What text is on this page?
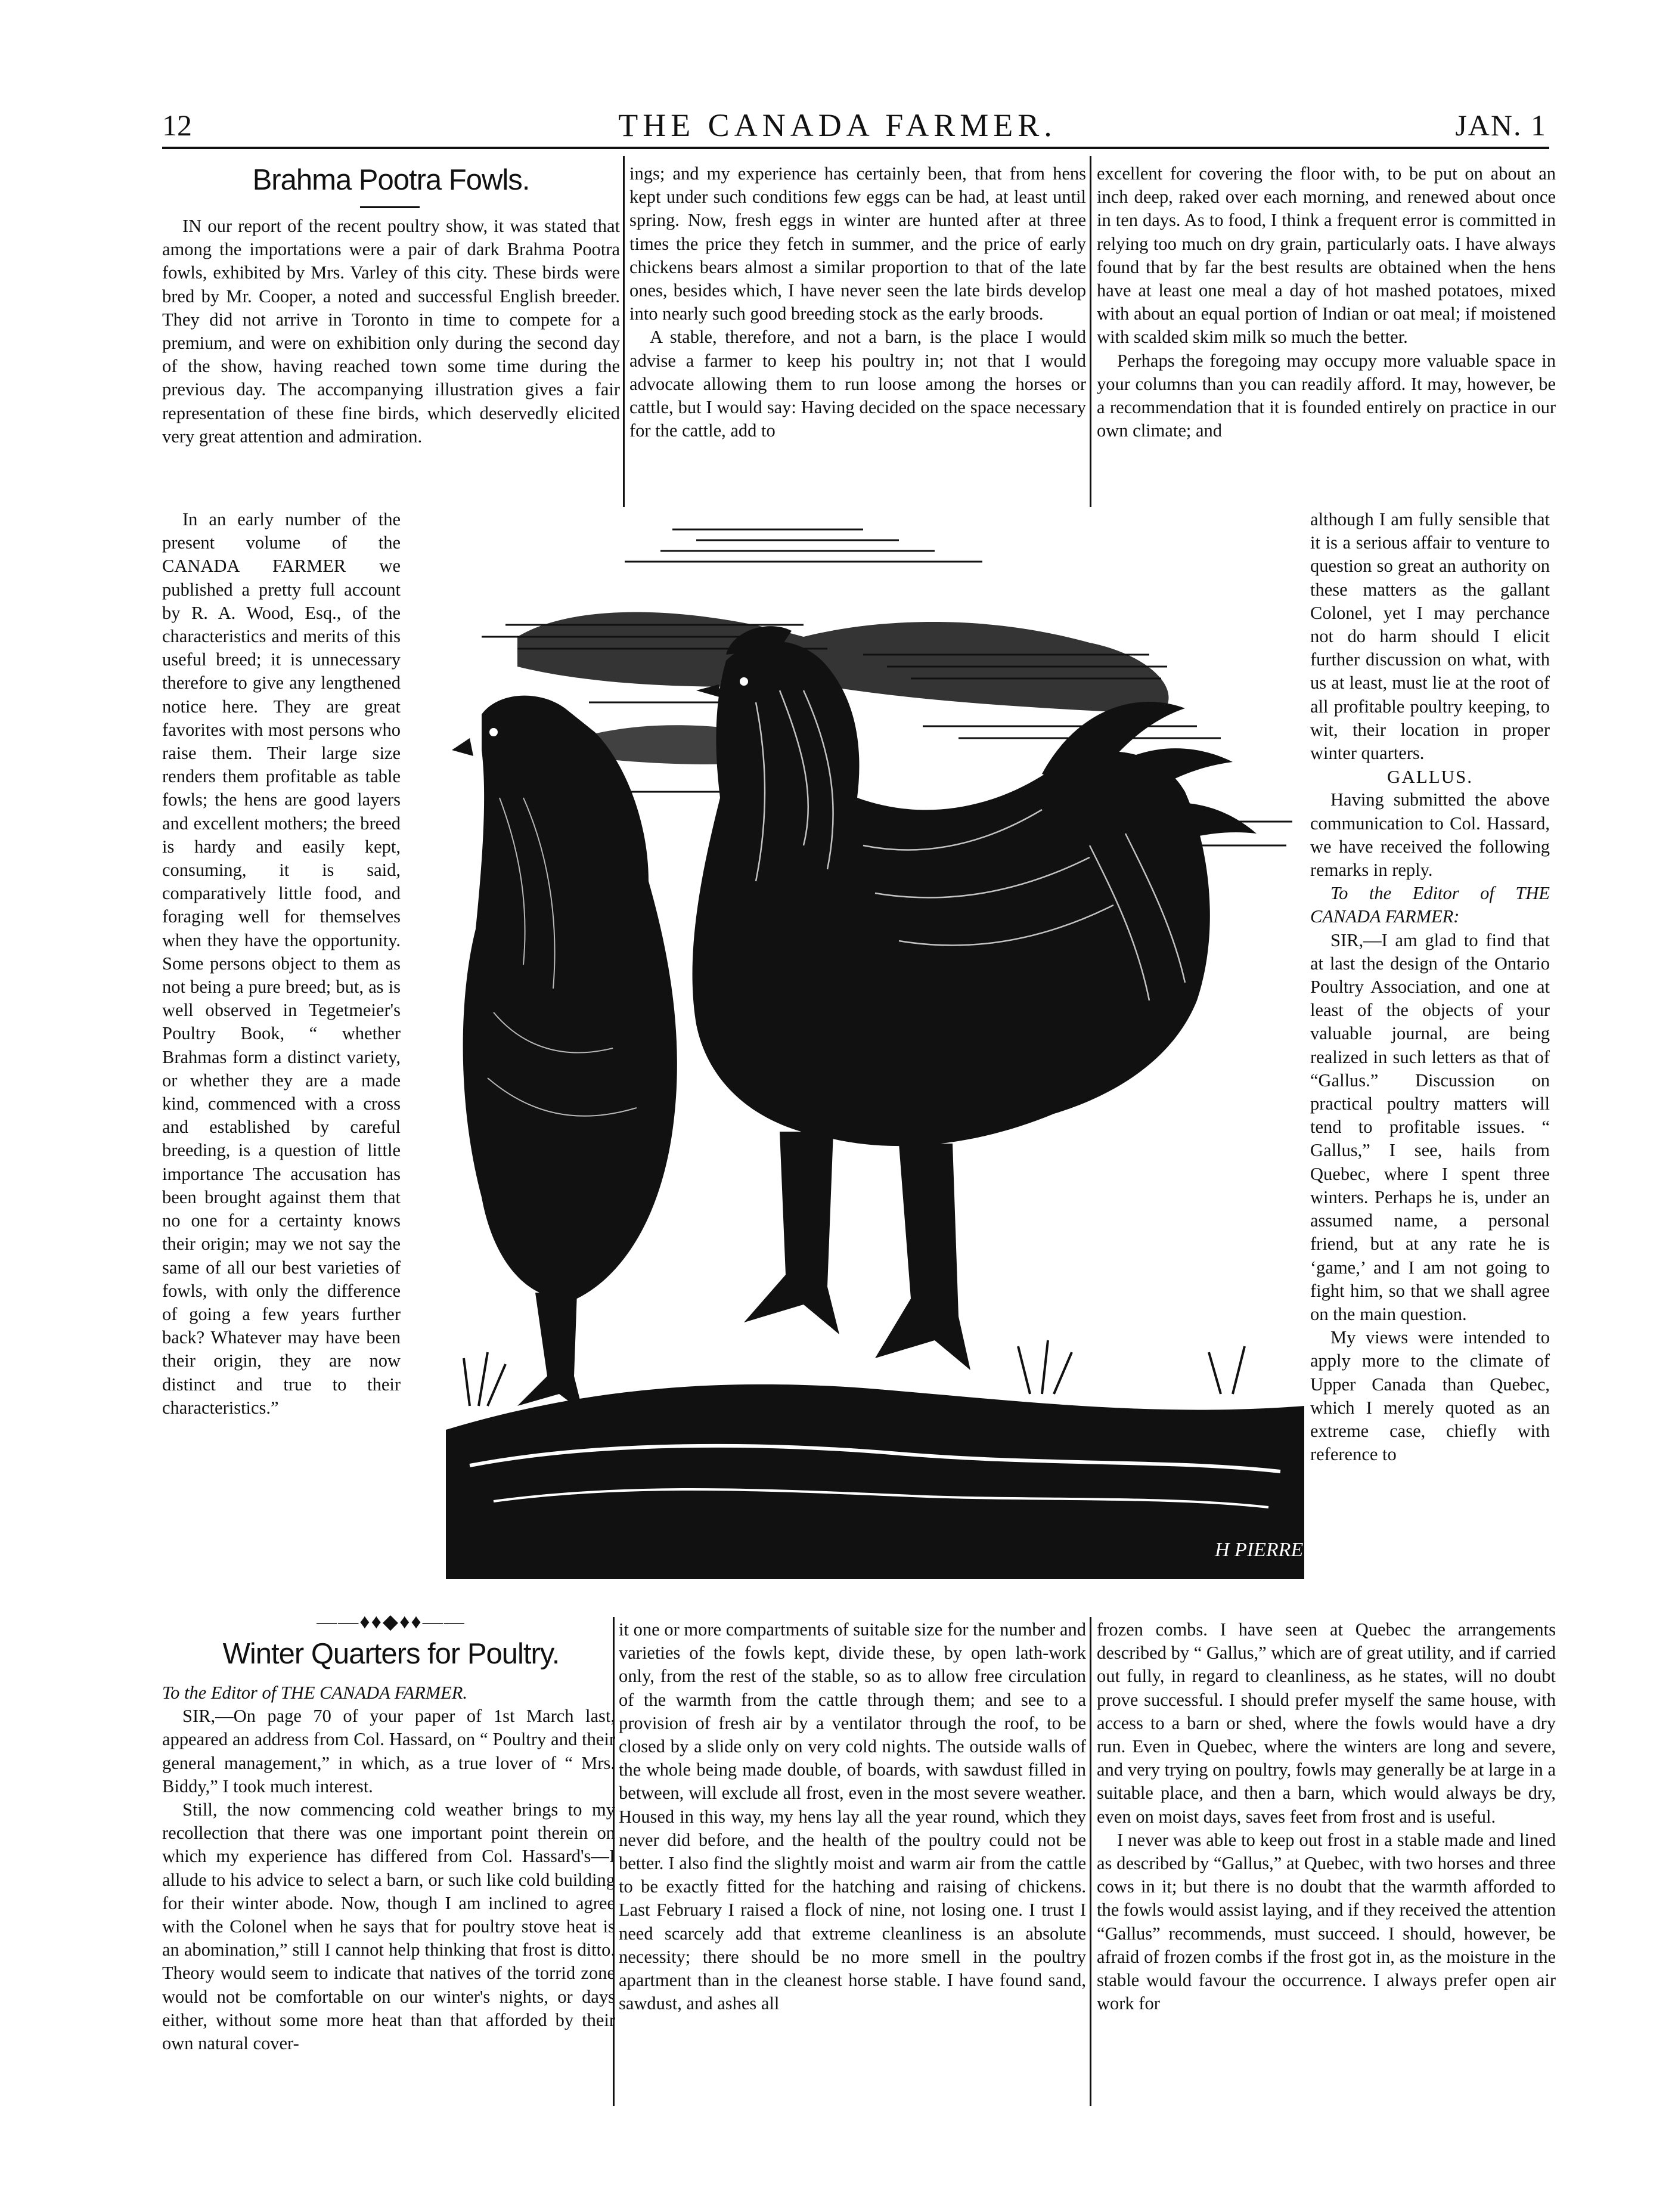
12	THE CANADA FARMER.	JAN. 1
Brahma Pootra Fowls.

IN our report of the recent poultry show, it was stated that among the importations were a pair of dark Brahma Pootra fowls, exhibited by Mrs. Varley of this city. These birds were bred by Mr. Cooper, a noted and successful English breeder. They did not arrive in Toronto in time to compete for a premium, and were on exhibition only during the second day of the show, having reached town some time during the previous day. The accompanying illustration gives a fair representation of these fine birds, which deservedly elicited very great attention and admiration.

In an early number of the present volume of the CANADA FARMER we published a pretty full account by R. A. Wood, Esq., of the characteristics and merits of this useful breed; it is unnecessary therefore to give any lengthened notice here. They are great favorites with most persons who raise them. Their large size renders them profitable as table fowls; the hens are good layers and excellent mothers; the breed is hardy and easily kept, consuming, it is said, comparatively little food, and foraging well for themselves when they have the opportunity. Some persons object to them as not being a pure breed; but, as is well observed in Tegetmeier's Poultry Book, “ whether Brahmas form a distinct variety, or whether they are a made kind, commenced with a cross and established by careful breeding, is a question of little importance The accusation has been brought against them that no one for a certainty knows their origin; may we not say the same of all our best varieties of fowls, with only the difference of going a few years further back? Whatever may have been their origin, they are now distinct and true to their characteristics.”

——♦♦◆♦♦——
Winter Quarters for Poultry.

To the Editor of THE CANADA FARMER.

SIR,—On page 70 of your paper of 1st March last, appeared an address from Col. Hassard, on “ Poultry and their general management,” in which, as a true lover of “ Mrs. Biddy,” I took much interest.

Still, the now commencing cold weather brings to my recollection that there was one important point therein on which my experience has differed from Col. Hassard's—I allude to his advice to select a barn, or such like cold building for their winter abode. Now, though I am inclined to agree with the Colonel when he says that for poultry stove heat is an abomination,” still I cannot help thinking that frost is ditto. Theory would seem to indicate that natives of the torrid zone would not be comfortable on our winter's nights, or days either, without some more heat than that afforded by their own natural cover-

ings; and my experience has certainly been, that from hens kept under such conditions few eggs can be had, at least until spring. Now, fresh eggs in winter are hunted after at three times the price they fetch in summer, and the price of early chickens bears almost a similar proportion to that of the late ones, besides which, I have never seen the late birds develop into nearly such good breeding stock as the early broods.

A stable, therefore, and not a barn, is the place I would advise a farmer to keep his poultry in; not that I would advocate allowing them to run loose among the horses or cattle, but I would say: Having decided on the space necessary for the cattle, add to

excellent for covering the floor with, to be put on about an inch deep, raked over each morning, and renewed about once in ten days. As to food, I think a frequent error is committed in relying too much on dry grain, particularly oats. I have always found that by far the best results are obtained when the hens have at least one meal a day of hot mashed potatoes, mixed with about an equal portion of Indian or oat meal; if moistened with scalded skim milk so much the better.

Perhaps the foregoing may occupy more valuable space in your columns than you can readily afford. It may, however, be a recommendation that it is founded entirely on practice in our own climate; and

although I am fully sensible that it is a serious affair to venture to question so great an authority on these matters as the gallant Colonel, yet I may perchance not do harm should I elicit further discussion on what, with us at least, must lie at the root of all profitable poultry keeping, to wit, their location in proper winter quarters.

GALLUS.

Having submitted the above communication to Col. Hassard, we have received the following remarks in reply.

To the Editor of THE CANADA FARMER:

SIR,—I am glad to find that at last the design of the Ontario Poultry Association, and one at least of the objects of your valuable journal, are being realized in such letters as that of “Gallus.” Discussion on practical poultry matters will tend to profitable issues. “ Gallus,” I see, hails from Quebec, where I spent three winters. Perhaps he is, under an assumed name, a personal friend, but at any rate he is ‘game,’ and I am not going to fight him, so that we shall agree on the main question.

My views were intended to apply more to the climate of Upper Canada than Quebec, which I merely quoted as an extreme case, chiefly with reference to

it one or more compartments of suitable size for the number and varieties of the fowls kept, divide these, by open lath-work only, from the rest of the stable, so as to allow free circulation of the warmth from the cattle through them; and see to a provision of fresh air by a ventilator through the roof, to be closed by a slide only on very cold nights. The outside walls of the whole being made double, of boards, with sawdust filled in between, will exclude all frost, even in the most severe weather. Housed in this way, my hens lay all the year round, which they never did before, and the health of the poultry could not be better. I also find the slightly moist and warm air from the cattle to be exactly fitted for the hatching and raising of chickens. Last February I raised a flock of nine, not losing one. I trust I need scarcely add that extreme cleanliness is an absolute necessity; there should be no more smell in the poultry apartment than in the cleanest horse stable. I have found sand, sawdust, and ashes all

frozen combs. I have seen at Quebec the arrangements described by “ Gallus,” which are of great utility, and if carried out fully, in regard to cleanliness, as he states, will no doubt prove successful. I should prefer myself the same house, with access to a barn or shed, where the fowls would have a dry run. Even in Quebec, where the winters are long and severe, and very trying on poultry, fowls may generally be at large in a suitable place, and then a barn, which would always be dry, even on moist days, saves feet from frost and is useful.

I never was able to keep out frost in a stable made and lined as described by “Gallus,” at Quebec, with two horses and three cows in it; but there is no doubt that the warmth afforded to the fowls would assist laying, and if they received the attention “Gallus” recommends, must succeed. I should, however, be afraid of frozen combs if the frost got in, as the moisture in the stable would favour the occurrence. I always prefer open air work for

H PIERRE
